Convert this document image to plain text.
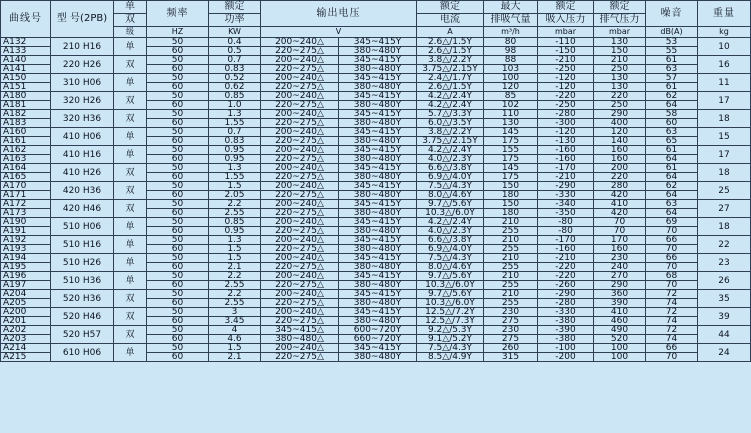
曲线号	型 号(2PB)	单	频率	额定	输出电压		额定	最大	额定	额定	噪音	重量
		双		功率			电流	排吸气量	吸入压力	排气压力		
		级	HZ	KW	V		A	m³/h	mbar	mbar	dB(A)	kg
A132	210 H16	单	50	0.4	200~240△	345~415Y	2.6△/1.5Y	80	-110	130	53	10
A133			60	0.5	220~275△	380~480Y	2.6△/1.5Y	98	-150	150	55	
A140	220 H26	双	50	0.7	200~240△	345~415Y	3.8△/2.2Y	88	-210	210	61	16
A141			60	0.83	220~275△	380~480Y	3.75△/2.15Y	103	-250	250	63	
A150	310 H06	单	50	0.52	200~240△	345~415Y	2.4△/1.7Y	100	-120	130	57	11
A151			60	0.62	220~275△	380~480Y	2.6△/1.5Y	120	-120	130	61	
A180	320 H26	双	50	0.85	200~240△	345~415Y	4.2△/2.4Y	85	-220	220	62	17
A181			60	1.0	220~275△	380~480Y	4.2△/2.4Y	102	-250	250	64	
A182	320 H36	双	50	1.3	200~240△	345~415Y	5.7△/3.3Y	110	-280	290	58	18
A183			60	1.55	220~275△	380~480Y	6.0△/3.5Y	130	-300	400	60	
A160	410 H06	单	50	0.7	200~240△	345~415Y	3.8△/2.2Y	145	-120	120	63	15
A161			60	0.83	220~275△	380~480Y	3.75△/2.15Y	175	-130	140	65	
A162	410 H16	单	50	0.95	200~240△	345~415Y	4.2△/2.4Y	155	-160	160	61	17
A163			60	0.95	220~275△	380~480Y	4.0△/2.3Y	175	-160	160	64	
A164	410 H26	双	50	1.3	200~240△	345~415Y	6.6△/3.8Y	145	-170	200	61	18
A165			60	1.55	220~275△	380~480Y	6.9△/4.0Y	175	-210	220	64	
A170	420 H36	双	50	1.5	200~240△	345~415Y	7.5△/4.3Y	150	-290	280	62	25
A171			60	2.05	220~275△	380~480Y	8.0△/4.6Y	180	-330	420	64	
A172	420 H46	双	50	2.2	200~240△	345~415Y	9.7△/5.6Y	150	-340	410	63	27
A173			60	2.55	220~275△	380~480Y	10.3△/6.0Y	180	-350	420	64	
A190	510 H06	单	50	0.85	200~240△	345~415Y	4.2△/2.4Y	210	-80	70	69	18
A191			60	0.95	220~275△	380~480Y	4.0△/2.3Y	255	-80	70	70	
A192	510 H16	单	50	1.3	200~240△	345~415Y	6.6△/3.8Y	210	-170	170	66	22
A193			60	1.5	220~275△	380~480Y	6.9△/4.0Y	255	-160	160	70	
A194	510 H26	单	50	1.5	200~240△	345~415Y	7.5△/4.3Y	210	-210	230	66	23
A195			60	2.1	220~275△	380~480Y	8.0△/4.6Y	255	-220	240	70	
A196	510 H36	单	50	2.2	200~240△	345~415Y	9.7△/5.6Y	210	-220	270	68	26
A197			60	2.55	220~275△	380~480Y	10.3△/6.0Y	255	-260	290	70	
A204	520 H36	双	50	2.2	200~240△	345~415Y	9.7△/5.6Y	210	-290	360	72	35
A205			60	2.55	220~275△	380~480Y	10.3△/6.0Y	255	-280	390	74	
A200	520 H46	双	50	3	200~240△	345~415Y	12.5△/7.2Y	230	-330	410	72	39
A201			60	3.45	220~275△	380~480Y	12.5△/7.3Y	275	-380	460	74	
A202	520 H57	双	50	4	345~415△	600~720Y	9.2△/5.3Y	230	-390	490	72	44
A203			60	4.6	380~480△	660~720Y	9.1△/5.2Y	275	-380	520	74	
A214	610 H06	单	50	1.5	200~240△	345~415Y	7.5△/4.3Y	260	-100	100	66	24
A215			60	2.1	220~275△	380~480Y	8.5△/4.9Y	315	-200	100	70	
